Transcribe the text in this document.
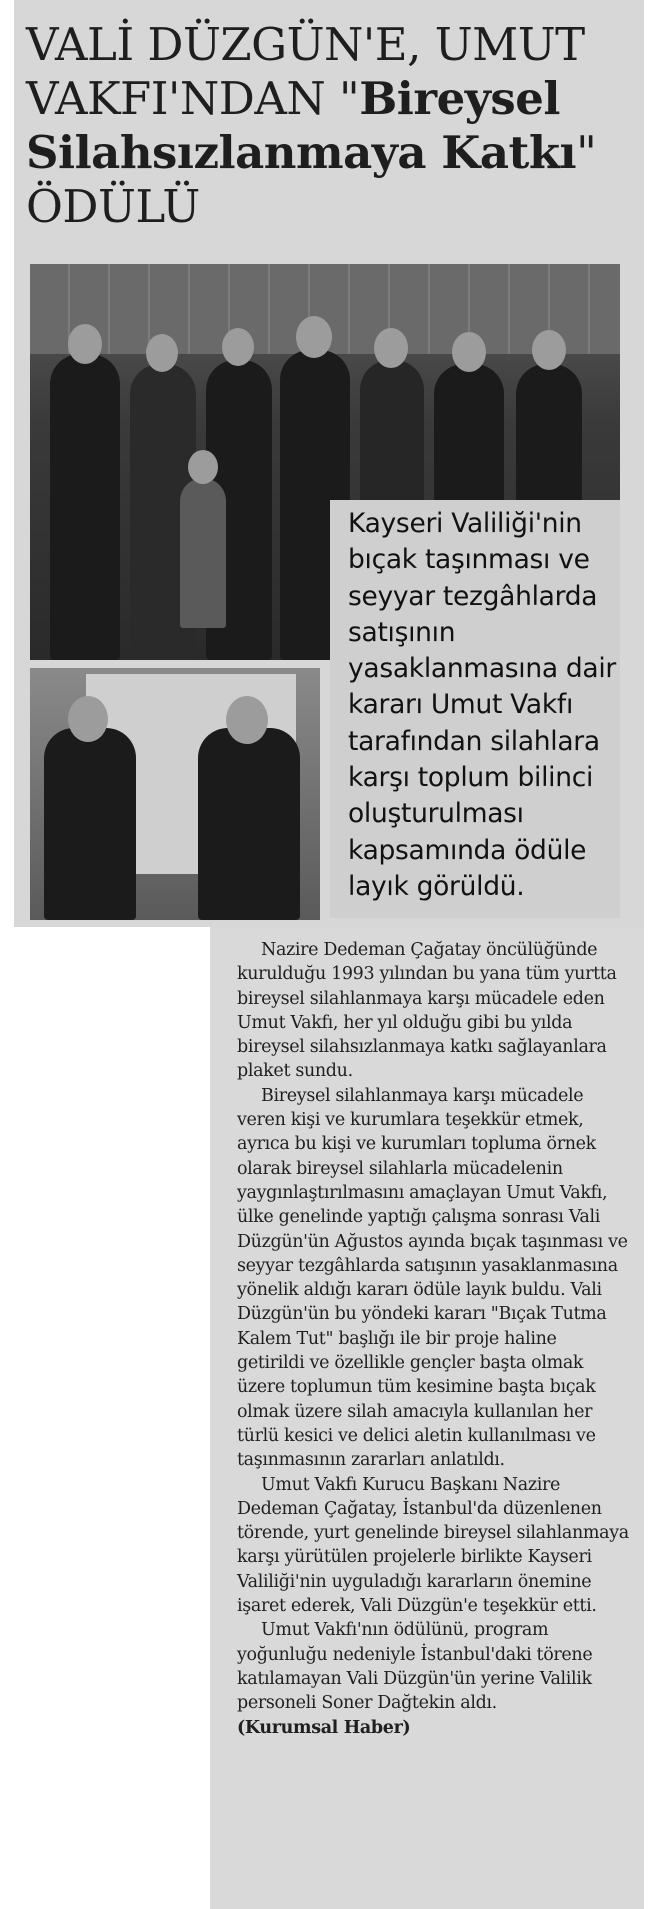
VALİ DÜZGÜN'E, UMUT
VAKFI'NDAN "Bireysel
Silahsızlanmaya Katkı"
ÖDÜLÜ
Kayseri Valiliği'nin bıçak taşınması ve seyyar tezgâhlarda satışının yasaklanmasına dair kararı Umut Vakfı tarafından silahlara karşı toplum bilinci oluşturulması kapsamında ödüle layık görüldü.

Nazire Dedeman Çağatay öncülüğünde kurulduğu 1993 yılından bu yana tüm yurtta bireysel silahlanmaya karşı mücadele eden Umut Vakfı, her yıl olduğu gibi bu yılda bireysel silahsızlanmaya katkı sağlayanlara plaket sundu.

Bireysel silahlanmaya karşı mücadele veren kişi ve kurumlara teşekkür etmek, ayrıca bu kişi ve kurumları topluma örnek olarak bireysel silahlarla mücadelenin yaygınlaştırılmasını amaçlayan Umut Vakfı, ülke genelinde yaptığı çalışma sonrası Vali Düzgün'ün Ağustos ayında bıçak taşınması ve seyyar tezgâhlarda satışının yasaklanmasına yönelik aldığı kararı ödüle layık buldu. Vali Düzgün'ün bu yöndeki kararı "Bıçak Tutma Kalem Tut" başlığı ile bir proje haline getirildi ve özellikle gençler başta olmak üzere toplumun tüm kesimine başta bıçak olmak üzere silah amacıyla kullanılan her türlü kesici ve delici aletin kullanılması ve taşınmasının zararları anlatıldı.

Umut Vakfı Kurucu Başkanı Nazire Dedeman Çağatay, İstanbul'da düzenlenen törende, yurt genelinde bireysel silahlanmaya karşı yürütülen projelerle birlikte Kayseri Valiliği'nin uyguladığı kararların önemine işaret ederek, Vali Düzgün'e teşekkür etti.

Umut Vakfı'nın ödülünü, program yoğunluğu nedeniyle İstanbul'daki törene katılamayan Vali Düzgün'ün yerine Valilik personeli Soner Dağtekin aldı.

(Kurumsal Haber)
